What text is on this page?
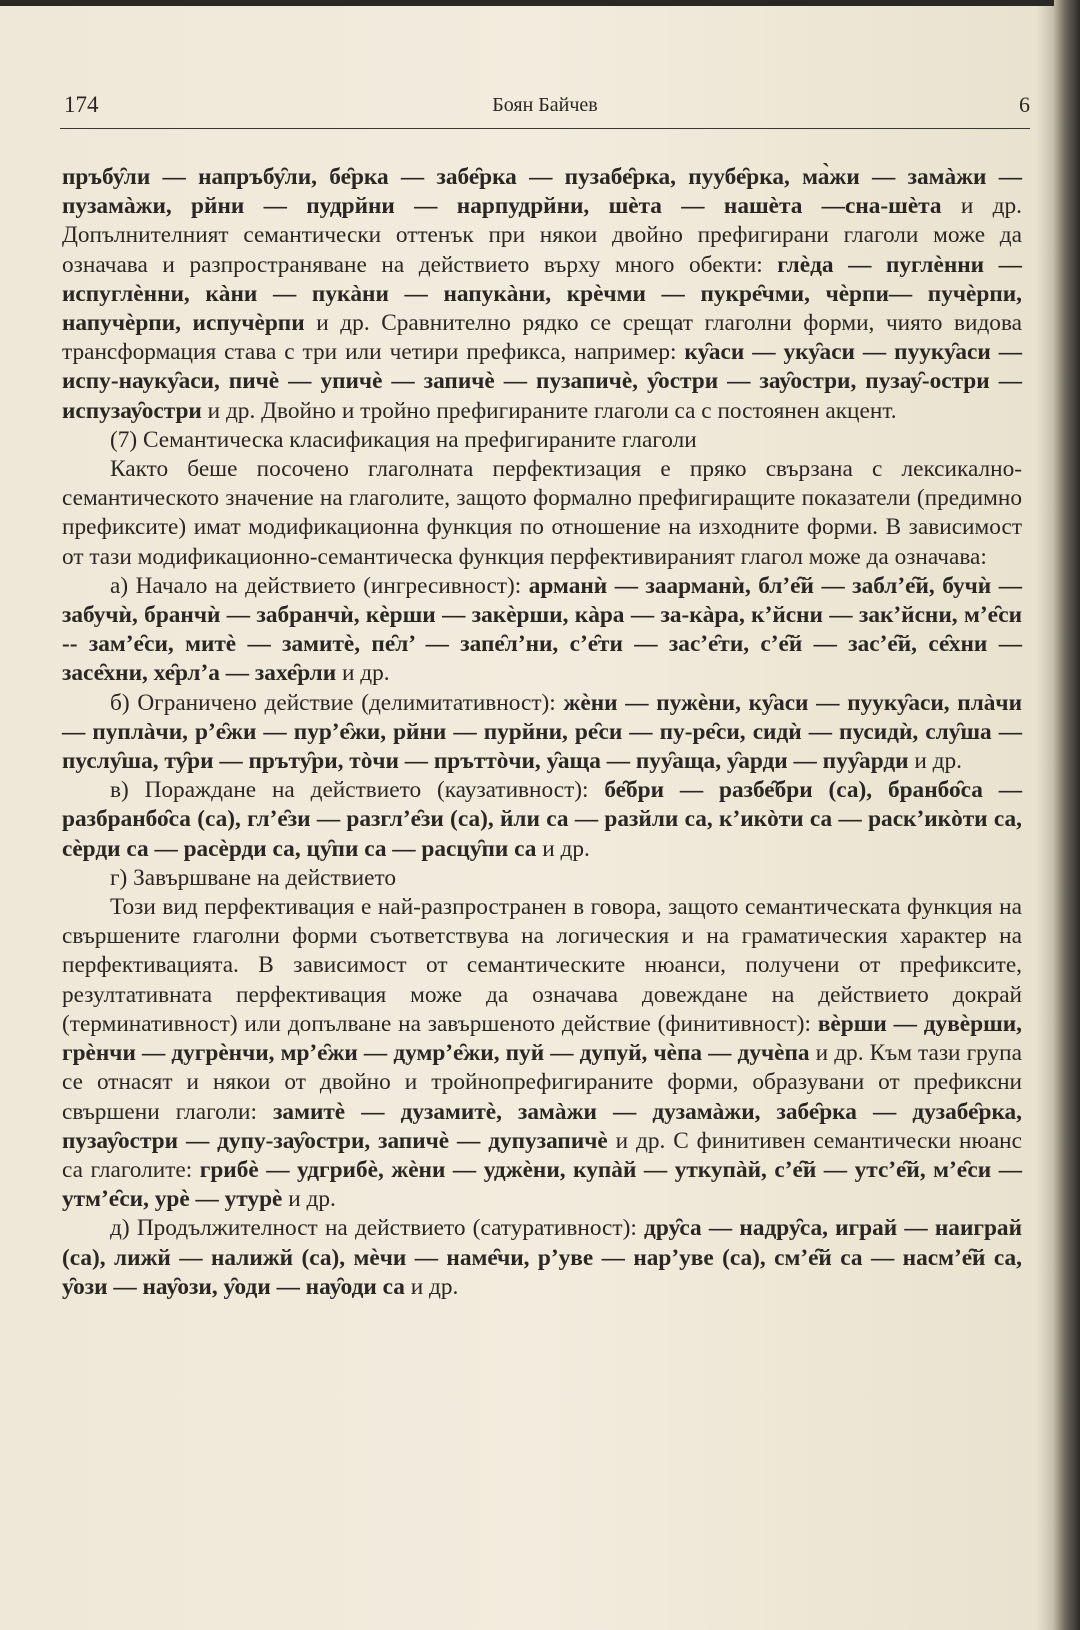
174	Боян Байчев	6

пръбу̑ли — напръбу̑ли, бе̑рка — забе̑рка — пузабе̑рка, пуубе̑рка, ма̀жи — замàжи — пузамàжи, рйни — пудрйни — нарпудрйни, шèта — нашèта —сна-шèта и др. Допълнителният семантически оттенък при някои двойно префигирани глаголи може да означава и разпространяване на действието върху много обекти: глѐда — пуглѐнни — испуглѐнни, кàни — пукàни — напукàни, крѐчми — пукре̑чми, чѐрпи— пучѐрпи, напучѐрпи, испучѐрпи и др. Сравнително рядко се срещат глаголни форми, чиято видова трансформация става с три или четири префикса, например: ку̑аси — уку̑аси — пууку̑аси — испу-науку̑аси, пичѐ — упичѐ — запичѐ — пузапичѐ, у̑остри — зау̑остри, пузау̑-остри — испузау̑остри и др. Двойно и тройно префигираните глаголи са с постоянен акцент.

(7) Семантическа класификация на префигираните глаголи

Както беше посочено глаголната перфектизация е пряко свързана с лексикално-семантическото значение на глаголите, защото формално префигиращите показатели (предимно префиксите) имат модификационна функция по отношение на изходните форми. В зависимост от тази модификационно-семантическа функция перфективираният глагол може да означава:

а) Начало на действието (ингресивност): арманѝ — заарманѝ, бл’е̑й — забл’е̑й, бучѝ — забучѝ, бранчѝ — забранчѝ, кѐрши — закѐрши, кàра — за-кàра, к’йсни — зак’йсни, м’е̑си -- зам’е̑си, митѐ — замитѐ, пе̑л’ — запе̑л’ни, с’е̑ти — зас’е̑ти, с’е̑й — зас’е̑й, се̑хни — засе̑хни, хе̑рл’а — захе̑рли и др.

б) Ограничено действие (делимитативност): жѐни — пужѐни, ку̑аси — пууку̑аси, плàчи — пуплàчи, р’е̑жи — пур’е̑жи, рйни — пурйни, ре̑си — пу-ре̑си, сидѝ — пусидѝ, слу̑ша — пуслу̑ша, ту̑ри — пръту̑ри, тòчи — пръттòчи, у̑аща — пуу̑аща, у̑арди — пуу̑арди и др.

в) Пораждане на действието (каузативност): бе̑бри — разбе̑бри (са), бранбо̑са — разбранбо̑са (са), гл’е̑зи — разгл’е̑зи (са), йли са — разйли са, к’икòти са — раск’икòти са, сѐрди са — расѐрди са, цу̑пи са — расцу̑пи са и др.

г) Завършване на действието

Този вид перфективация е най-разпространен в говора, защото семантическата функция на свършените глаголни форми съответствува на логическия и на граматическия характер на перфективацията. В зависимост от семантическите нюанси, получени от префиксите, резултативната перфективация може да означава довеждане на действието докрай (терминативност) или допълване на завършеното действие (финитивност): вѐрши — дувѐрши, грѐнчи — дугрѐнчи, мр’е̑жи — думр’е̑жи, пуй — дупуй, чѐпа — дучѐпа и др. Към тази група се отнасят и някои от двойно и тройнопрефигираните форми, образувани от префиксни свършени глаголи: замитѐ — дузамитѐ, замàжи — дузамàжи, забе̑рка — дузабе̑рка, пузау̑остри — дупу-зау̑остри, запичѐ — дупузапичѐ и др. С финитивен семантически нюанс са глаголите: грибѐ — удгрибѐ, жѐни — уджѐни, купàй — уткупàй, с’е̑й — утс’е̑й, м’е̑си — утм’е̑си, урѐ — утурѐ и др.

д) Продължителност на действието (сатуративност): дру̑са — надру̑са, играй — наиграй (са), лижй — налижй (са), мѐчи — наме̑чи, р’уве — нар’уве (са), см’е̑й са — насм’е̑й са, у̑ози — нау̑ози, у̑оди — нау̑оди са и др.
